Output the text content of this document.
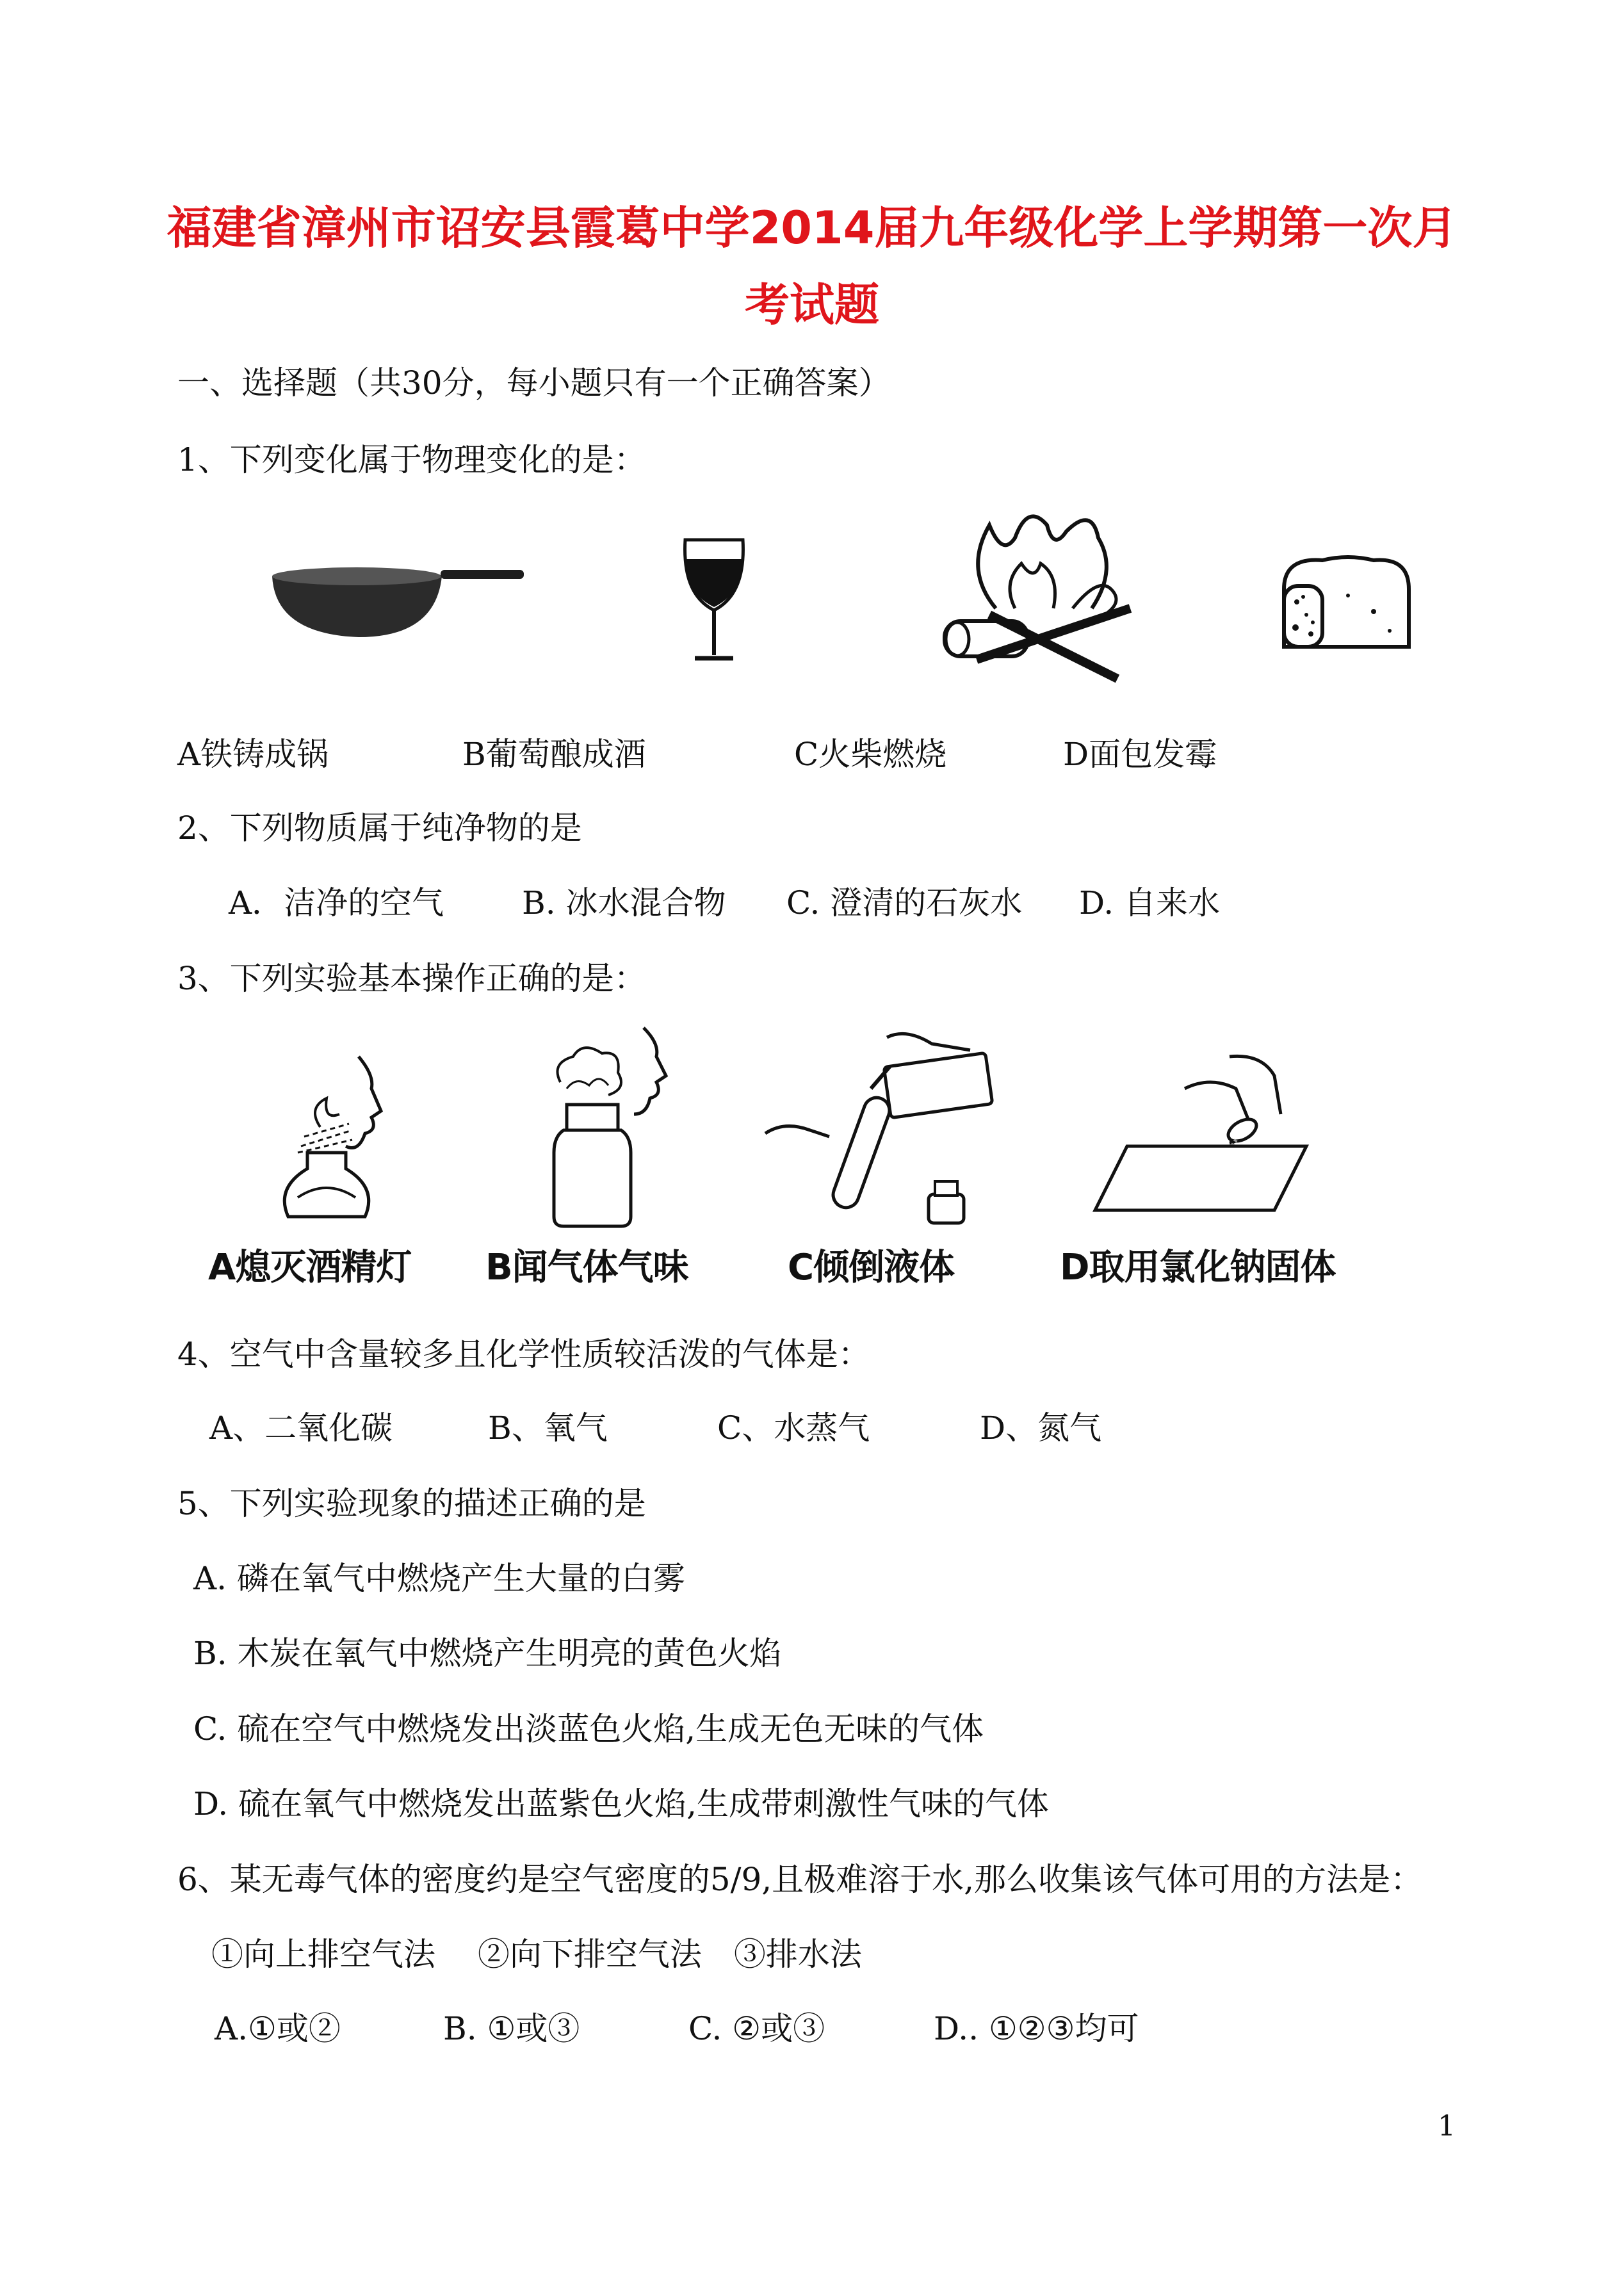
福建省漳州市诏安县霞葛中学2014届九年级化学上学期第一次月
考试题
一、选择题（共30分，每小题只有一个正确答案）
1、下列变化属于物理变化的是：
A铁铸成锅	B葡萄酿成酒	C火柴燃烧	D面包发霉
2、下列物质属于纯净物的是
A．洁净的空气 B. 冰水混合物 C. 澄清的石灰水 D. 自来水
3、下列实验基本操作正确的是：
A熄灭酒精灯 B闻气体气味	C倾倒液体	D取用氯化钠固体
4、空气中含量较多且化学性质较活泼的气体是：
A、二氧化碳	B、氧气	C、水蒸气	D、氮气
5、下列实验现象的描述正确的是
A. 磷在氧气中燃烧产生大量的白雾
B. 木炭在氧气中燃烧产生明亮的黄色火焰
C. 硫在空气中燃烧发出淡蓝色火焰,生成无色无味的气体
D. 硫在氧气中燃烧发出蓝紫色火焰,生成带刺激性气味的气体
6、某无毒气体的密度约是空气密度的5/9,且极难溶于水,那么收集该气体可用的方法是：
①向上排空气法　 ②向下排空气法　③排水法
A.①或②	B. ①或③	C. ②或③	D.. ①②③均可
1
